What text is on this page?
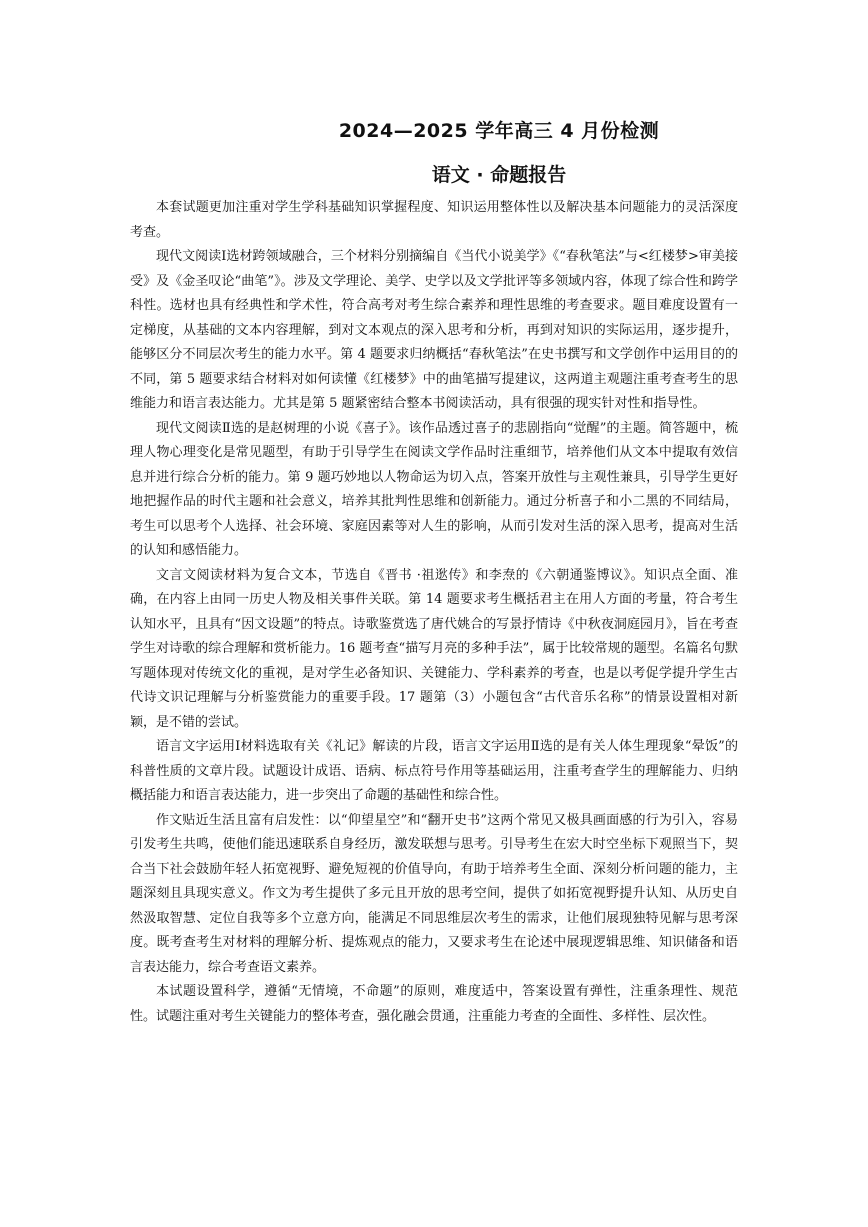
2024—2025 学年高三 4 月份检测
语文 · 命题报告

本套试题更加注重对学生学科基础知识掌握程度、知识运用整体性以及解决基本问题能力的灵活深度考查。

现代文阅读Ⅰ选材跨领域融合，三个材料分别摘编自《当代小说美学》《“春秋笔法”与<红楼梦>审美接受》及《金圣叹论“曲笔”》。涉及文学理论、美学、史学以及文学批评等多领域内容，体现了综合性和跨学科性。选材也具有经典性和学术性，符合高考对考生综合素养和理性思维的考查要求。题目难度设置有一定梯度，从基础的文本内容理解，到对文本观点的深入思考和分析，再到对知识的实际运用，逐步提升，能够区分不同层次考生的能力水平。第 4 题要求归纳概括“春秋笔法”在史书撰写和文学创作中运用目的的不同，第 5 题要求结合材料对如何读懂《红楼梦》中的曲笔描写提建议，这两道主观题注重考查考生的思维能力和语言表达能力。尤其是第 5 题紧密结合整本书阅读活动，具有很强的现实针对性和指导性。

现代文阅读Ⅱ选的是赵树理的小说《喜子》。该作品透过喜子的悲剧指向“觉醒”的主题。简答题中，梳理人物心理变化是常见题型，有助于引导学生在阅读文学作品时注重细节，培养他们从文本中提取有效信息并进行综合分析的能力。第 9 题巧妙地以人物命运为切入点，答案开放性与主观性兼具，引导学生更好地把握作品的时代主题和社会意义，培养其批判性思维和创新能力。通过分析喜子和小二黑的不同结局，考生可以思考个人选择、社会环境、家庭因素等对人生的影响，从而引发对生活的深入思考，提高对生活的认知和感悟能力。

文言文阅读材料为复合文本，节选自《晋书 ·祖逖传》和李焘的《六朝通鉴博议》。知识点全面、准确，在内容上由同一历史人物及相关事件关联。第 14 题要求考生概括君主在用人方面的考量，符合考生认知水平，且具有“因文设题”的特点。诗歌鉴赏选了唐代姚合的写景抒情诗《中秋夜洞庭园月》，旨在考查学生对诗歌的综合理解和赏析能力。16 题考查“描写月亮的多种手法”，属于比较常规的题型。名篇名句默写题体现对传统文化的重视，是对学生必备知识、关键能力、学科素养的考查，也是以考促学提升学生古代诗文识记理解与分析鉴赏能力的重要手段。17 题第（3）小题包含“古代音乐名称”的情景设置相对新颖，是不错的尝试。

语言文字运用Ⅰ材料选取有关《礼记》解读的片段，语言文字运用Ⅱ选的是有关人体生理现象“晕饭”的科普性质的文章片段。试题设计成语、语病、标点符号作用等基础运用，注重考查学生的理解能力、归纳概括能力和语言表达能力，进一步突出了命题的基础性和综合性。

作文贴近生活且富有启发性：以“仰望星空”和“翻开史书”这两个常见又极具画面感的行为引入，容易引发考生共鸣，使他们能迅速联系自身经历，激发联想与思考。引导考生在宏大时空坐标下观照当下，契合当下社会鼓励年轻人拓宽视野、避免短视的价值导向，有助于培养考生全面、深刻分析问题的能力，主题深刻且具现实意义。作文为考生提供了多元且开放的思考空间，提供了如拓宽视野提升认知、从历史自然汲取智慧、定位自我等多个立意方向，能满足不同思维层次考生的需求，让他们展现独特见解与思考深度。既考查考生对材料的理解分析、提炼观点的能力，又要求考生在论述中展现逻辑思维、知识储备和语言表达能力，综合考查语文素养。

本试题设置科学，遵循“无情境，不命题”的原则，难度适中，答案设置有弹性，注重条理性、规范性。试题注重对考生关键能力的整体考查，强化融会贯通，注重能力考查的全面性、多样性、层次性。
